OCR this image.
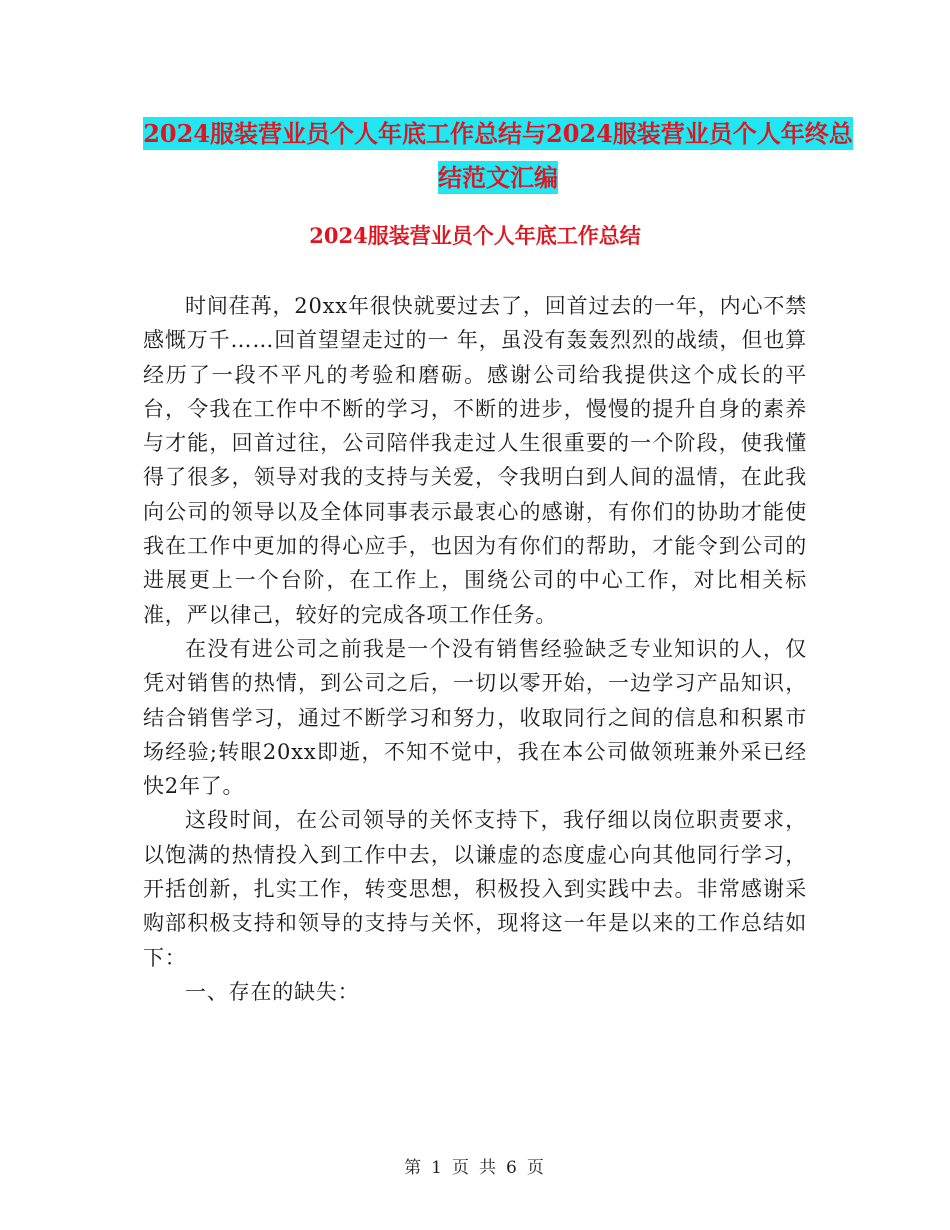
2024服装营业员个人年底工作总结与2024服装营业员个人年终总结范文汇编
2024服装营业员个人年底工作总结

时间荏苒，20xx年很快就要过去了，回首过去的一年，内心不禁感慨万千……回首望望走过的一 年，虽没有轰轰烈烈的战绩，但也算经历了一段不平凡的考验和磨砺。感谢公司给我提供这个成长的平台，令我在工作中不断的学习，不断的进步，慢慢的提升自身的素养与才能，回首过往，公司陪伴我走过人生很重要的一个阶段，使我懂得了很多，领导对我的支持与关爱，令我明白到人间的温情，在此我向公司的领导以及全体同事表示最衷心的感谢，有你们的协助才能使我在工作中更加的得心应手，也因为有你们的帮助，才能令到公司的进展更上一个台阶，在工作上，围绕公司的中心工作，对比相关标准，严以律己，较好的完成各项工作任务。

在没有进公司之前我是一个没有销售经验缺乏专业知识的人，仅凭对销售的热情，到公司之后，一切以零开始，一边学习产品知识，结合销售学习，通过不断学习和努力，收取同行之间的信息和积累市场经验;转眼20xx即逝，不知不觉中，我在本公司做领班兼外采已经快2年了。

这段时间，在公司领导的关怀支持下，我仔细以岗位职责要求，以饱满的热情投入到工作中去，以谦虚的态度虚心向其他同行学习，开括创新，扎实工作，转变思想，积极投入到实践中去。非常感谢采购部积极支持和领导的支持与关怀，现将这一年是以来的工作总结如下：

一、存在的缺失：

第 1 页 共 6 页
